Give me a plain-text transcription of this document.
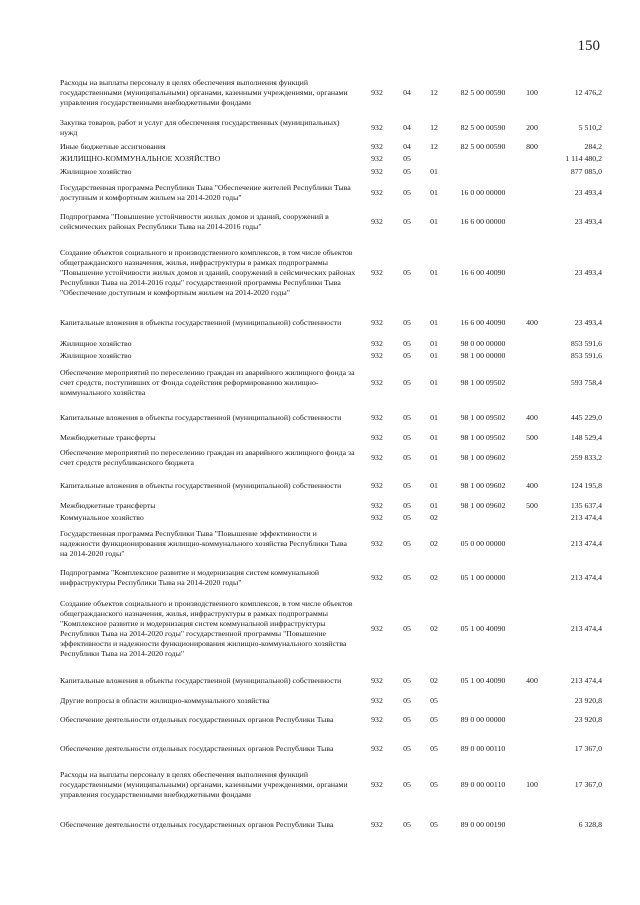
150
Расходы на выплаты персоналу в целях обеспечения выполнения функций государственными (муниципальными) органами, казенными учреждениями, органами управления государственными внебюджетными фондами	932	04	12	82 5 00 00590	100	12 476,2
Закупка товаров, работ и услуг для обеспечения государственных (муниципальных) нужд	932	04	12	82 5 00 00590	200	5 510,2
Иные бюджетные ассигнования	932	04	12	82 5 00 00590	800	284,2
ЖИЛИЩНО-КОММУНАЛЬНОЕ ХОЗЯЙСТВО	932	05				1 114 480,2
Жилищное хозяйство	932	05	01			877 085,0
Государственная программа Республики Тыва "Обеспечение жителей Республики Тыва доступным и комфортным жильем на 2014-2020 годы"	932	05	01	16 0 00 00000		23 493,4
Подпрограмма "Повышение устойчивости жилых домов и зданий, сооружений в сейсмических районах Республики Тыва на 2014-2016 годы"	932	05	01	16 6 00 00000		23 493,4
Создание объектов социального и производственного комплексов, в том числе объектов общегражданского назначения, жилья, инфраструктуры в рамках подпрограммы "Повышение устойчивости жилых домов и зданий, сооружений в сейсмических районах Республики Тыва на 2014-2016 годы" государственной программы Республики Тыва "Обеспечение доступным и комфортным жильем на 2014-2020 годы"	932	05	01	16 6 00 40090		23 493,4
Капитальные вложения в объекты государственной (муниципальной) собственности	932	05	01	16 6 00 40090	400	23 493,4
Жилищное хозяйство	932	05	01	98 0 00 00000		853 591,6
Жилищное хозяйство	932	05	01	98 1 00 00000		853 591,6
Обеспечение мероприятий по переселению граждан из аварийного жилищного фонда за счет средств, поступивших от Фонда содействия реформированию жилищно-коммунального хозяйства	932	05	01	98 1 00 09502		593 758,4
Капитальные вложения в объекты государственной (муниципальной) собственности	932	05	01	98 1 00 09502	400	445 229,0
Межбюджетные трансферты	932	05	01	98 1 00 09502	500	148 529,4
Обеспечение мероприятий по переселению граждан из аварийного жилищного фонда за счет средств республиканского бюджета	932	05	01	98 1 00 09602		259 833,2
Капитальные вложения в объекты государственной (муниципальной) собственности	932	05	01	98 1 00 09602	400	124 195,8
Межбюджетные трансферты	932	05	01	98 1 00 09602	500	135 637,4
Коммунальное хозяйство	932	05	02			213 474,4
Государственная программа Республики Тыва "Повышение эффективности и надежности функционирования жилищно-коммунального хозяйства Республики Тыва на 2014-2020 годы"	932	05	02	05 0 00 00000		213 474,4
Подпрограмма "Комплексное развитие и модернизация систем коммунальной инфраструктуры Республики Тыва на 2014-2020 годы"	932	05	02	05 1 00 00000		213 474,4
Создание объектов социального и производственного комплексов, в том числе объектов общегражданского назначения, жилья, инфраструктуры в рамках подпрограммы "Комплексное развитие и модернизация систем коммунальной инфраструктуры Республики Тыва на 2014-2020 годы" государственной программы "Повышение эффективности и надежности функционирования жилищно-коммунального хозяйства Республики Тыва на 2014-2020 годы"	932	05	02	05 1 00 40090		213 474,4
Капитальные вложения в объекты государственной (муниципальной) собственности	932	05	02	05 1 00 40090	400	213 474,4
Другие вопросы в области жилищно-коммунального хозяйства	932	05	05			23 920,8
Обеспечение деятельности отдельных государственных органов Республики Тыва	932	05	05	89 0 00 00000		23 920,8
Обеспечение деятельности отдельных государственных органов Республики Тыва	932	05	05	89 0 00 00110		17 367,0
Расходы на выплаты персоналу в целях обеспечения выполнения функций государственными (муниципальными) органами, казенными учреждениями, органами управления государственными внебюджетными фондами	932	05	05	89 0 00 00110	100	17 367,0
Обеспечение деятельности отдельных государственных органов Республики Тыва	932	05	05	89 0 00 00190		6 328,8
